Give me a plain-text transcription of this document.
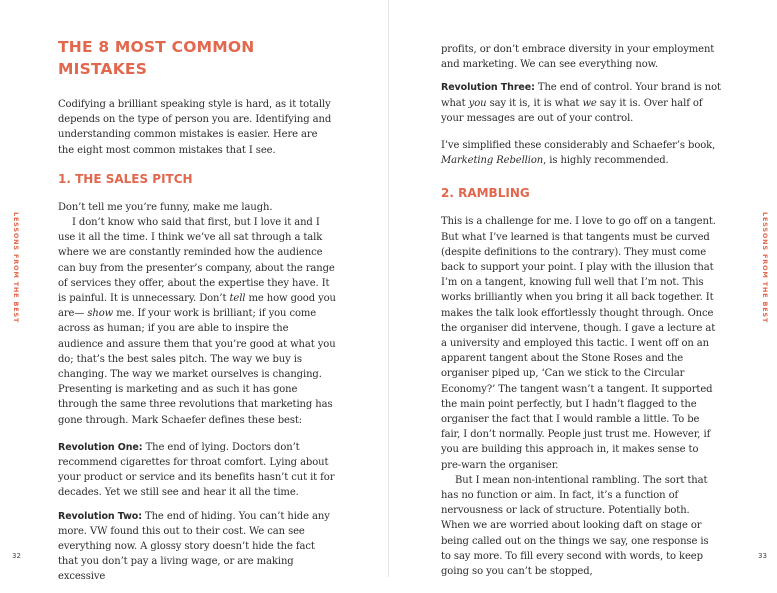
LESSONS FROM THE BEST
32
THE 8 MOST COMMON MISTAKES

Codifying a brilliant speaking style is hard, as it totally depends on the type of person you are. Identifying and understanding common mistakes is easier. Here are the eight most common mistakes that I see.

1. THE SALES PITCH

Don’t tell me you’re funny, make me laugh.

I don’t know who said that first, but I love it and I use it all the time. I think we’ve all sat through a talk where we are constantly reminded how the audience can buy from the presenter’s company, about the range of services they offer, about the expertise they have. It is painful. It is unnecessary. Don’t tell me how good you are— show me. If your work is brilliant; if you come across as human; if you are able to inspire the audience and assure them that you’re good at what you do; that’s the best sales pitch. The way we buy is changing. The way we market ourselves is changing. Presenting is marketing and as such it has gone through the same three revolutions that marketing has gone through. Mark Schaefer defines these best:

Revolution One: The end of lying. Doctors don’t recommend cigarettes for throat comfort. Lying about your product or service and its benefits hasn’t cut it for decades. Yet we still see and hear it all the time.

Revolution Two: The end of hiding. You can’t hide any more. VW found this out to their cost. We can see everything now. A glossy story doesn’t hide the fact that you don’t pay a living wage, or are making excessive

LESSONS FROM THE BEST
33

profits, or don’t embrace diversity in your employment and marketing. We can see everything now.

Revolution Three: The end of control. Your brand is not what you say it is, it is what we say it is. Over half of your messages are out of your control.

I’ve simplified these considerably and Schaefer’s book, Marketing Rebellion, is highly recommended.

2. RAMBLING

This is a challenge for me. I love to go off on a tangent. But what I’ve learned is that tangents must be curved (despite definitions to the contrary). They must come back to support your point. I play with the illusion that I’m on a tangent, knowing full well that I’m not. This works brilliantly when you bring it all back together. It makes the talk look effortlessly thought through. Once the organiser did intervene, though. I gave a lecture at a university and employed this tactic. I went off on an apparent tangent about the Stone Roses and the organiser piped up, ‘Can we stick to the Circular Economy?’ The tangent wasn’t a tangent. It supported the main point perfectly, but I hadn’t flagged to the organiser the fact that I would ramble a little. To be fair, I don’t normally. People just trust me. However, if you are building this approach in, it makes sense to pre-warn the organiser.

But I mean non-intentional rambling. The sort that has no function or aim. In fact, it’s a function of nervousness or lack of structure. Potentially both. When we are worried about looking daft on stage or being called out on the things we say, one response is to say more. To fill every second with words, to keep going so you can’t be stopped,
